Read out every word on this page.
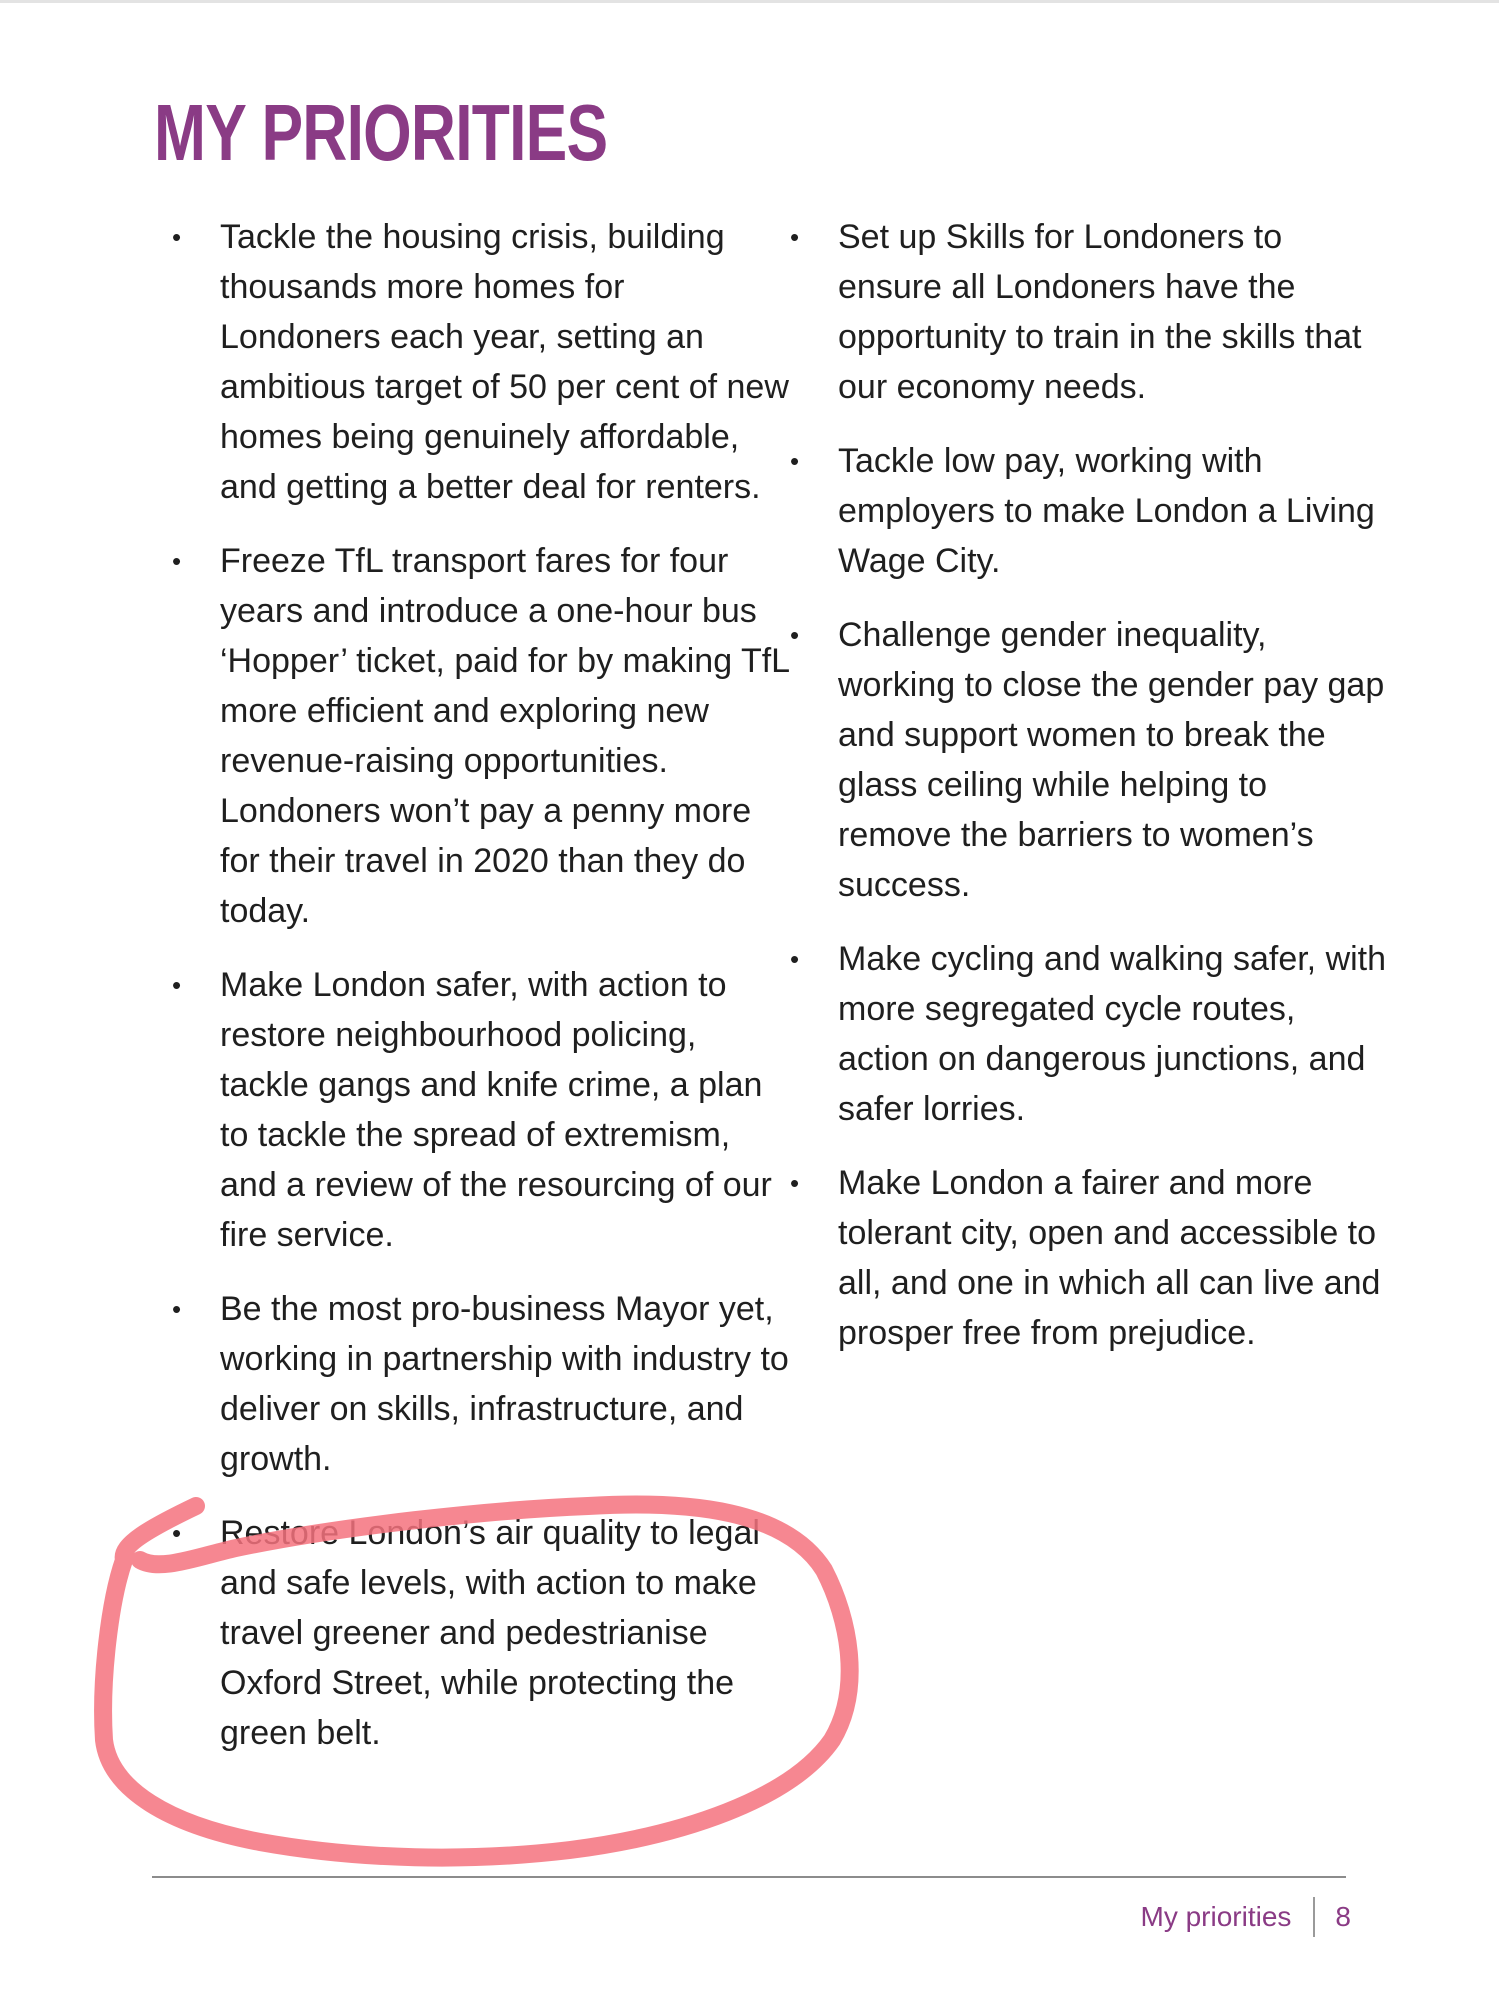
MY PRIORITIES
• Tackle the housing crisis, building thousands more homes for Londoners each year, setting an ambitious target of 50 per cent of new homes being genuinely affordable, and getting a better deal for renters.
• Freeze TfL transport fares for four years and introduce a one-hour bus ‘Hopper’ ticket, paid for by making TfL more efficient and exploring new revenue-raising opportunities. Londoners won’t pay a penny more for their travel in 2020 than they do today.
• Make London safer, with action to restore neighbourhood policing, tackle gangs and knife crime, a plan to tackle the spread of extremism, and a review of the resourcing of our fire service.
• Be the most pro-business Mayor yet, working in partnership with industry to deliver on skills, infrastructure, and growth.
• Restore London’s air quality to legal and safe levels, with action to make travel greener and pedestrianise Oxford Street, while protecting the green belt.
• Set up Skills for Londoners to ensure all Londoners have the opportunity to train in the skills that our economy needs.
• Tackle low pay, working with employers to make London a Living Wage City.
• Challenge gender inequality, working to close the gender pay gap and support women to break the glass ceiling while helping to remove the barriers to women’s success.
• Make cycling and walking safer, with more segregated cycle routes, action on dangerous junctions, and safer lorries.
• Make London a fairer and more tolerant city, open and accessible to all, and one in which all can live and prosper free from prejudice.
My priorities 8
